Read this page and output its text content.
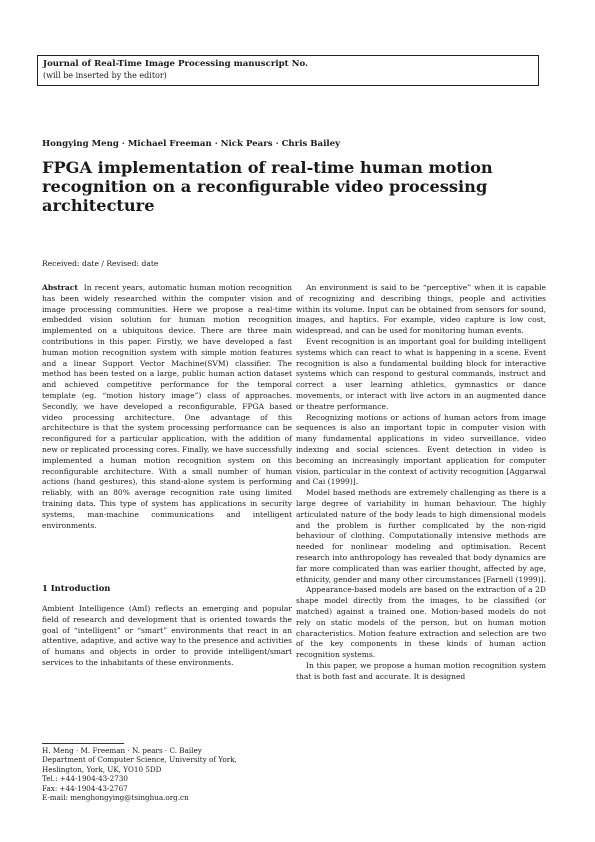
Journal of Real-Time Image Processing manuscript No.
(will be inserted by the editor)
Hongying Meng · Michael Freeman · Nick Pears · Chris Bailey
FPGA implementation of real-time human motion recognition on a reconfigurable video processing architecture
Received: date / Revised: date

Abstract In recent years, automatic human motion recognition has been widely researched within the computer vision and image processing communities. Here we propose a real-time embedded vision solution for human motion recognition implemented on a ubiquitous device. There are three main contributions in this paper. Firstly, we have developed a fast human motion recognition system with simple motion features and a linear Support Vector Machine(SVM) classifier. The method has been tested on a large, public human action dataset and achieved competitive performance for the temporal template (eg. “motion history image”) class of approaches. Secondly, we have developed a reconfigurable, FPGA based video processing architecture. One advantage of this architecture is that the system processing performance can be reconfigured for a particular application, with the addition of new or replicated processing cores. Finally, we have successfully implemented a human motion recognition system on this reconfigurable architecture. With a small number of human actions (hand gestures), this stand-alone system is performing reliably, with an 80% average recognition rate using limited training data. This type of system has applications in security systems, man-machine communications and intelligent environments.

1 Introduction

Ambient Intelligence (AmI) reflects an emerging and popular field of research and development that is oriented towards the goal of “intelligent” or “smart” environments that react in an attentive, adaptive, and active way to the presence and activities of humans and objects in order to provide intelligent/smart services to the inhabitants of these environments.

H. Meng · M. Freeman · N. pears · C. Bailey
Department of Computer Science, University of York,
Heslington, York, UK, YO10 5DD
Tel.: +44-1904-43-2730
Fax: +44-1904-43-2767
E-mail: menghongying@tsinghua.org.cn

An environment is said to be “perceptive” when it is capable of recognizing and describing things, people and activities within its volume. Input can be obtained from sensors for sound, images, and haptics. For example, video capture is low cost, widespread, and can be used for monitoring human events.

Event recognition is an important goal for building intelligent systems which can react to what is happening in a scene. Event recognition is also a fundamental building block for interactive systems which can respond to gestural commands, instruct and correct a user learning athletics, gymnastics or dance movements, or interact with live actors in an augmented dance or theatre performance.

Recognizing motions or actions of human actors from image sequences is also an important topic in computer vision with many fundamental applications in video surveillance, video indexing and social sciences. Event detection in video is becoming an increasingly important application for computer vision, particular in the context of activity recognition [Aggarwal and Cai (1999)].

Model based methods are extremely challenging as there is a large degree of variability in human behaviour. The highly articulated nature of the body leads to high dimensional models and the problem is further complicated by the non-rigid behaviour of clothing. Computationally intensive methods are needed for nonlinear modeling and optimisation. Recent research into anthropology has revealed that body dynamics are far more complicated than was earlier thought, affected by age, ethnicity, gender and many other circumstances [Farnell (1999)].

Appearance-based models are based on the extraction of a 2D shape model directly from the images, to be classified (or matched) against a trained one. Motion-based models do not rely on static models of the person, but on human motion characteristics. Motion feature extraction and selection are two of the key components in these kinds of human action recognition systems.

In this paper, we propose a human motion recognition system that is both fast and accurate. It is designed
